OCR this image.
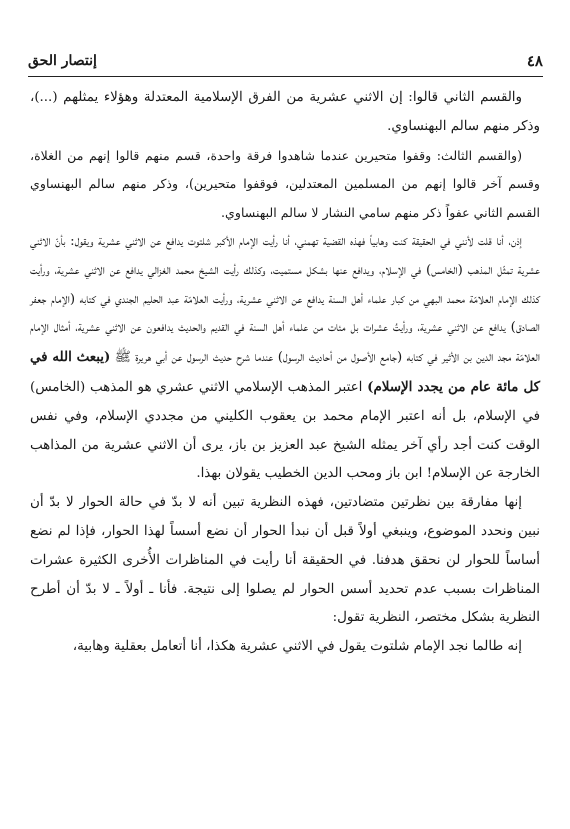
٤٨
إنتصار الحق

والقسم الثاني قالوا: إن الاثني عشرية من الفرق الإسلامية المعتدلة وهؤلاء يمثلهم (...)، وذكر منهم سالم البهنساوي.

(والقسم الثالث: وقفوا متحيرين عندما شاهدوا فرقة واحدة، قسم منهم قالوا إنهم من الغلاة، وقسم آخر قالوا إنهم من المسلمين المعتدلين، فوقفوا متحيرين)، وذكر منهم سالم البهنساوي القسم الثاني عفواً ذكر منهم سامي النشار لا سالم البهنساوي.

إذن، أنا قلت لأنني في الحقيقة كنت وهابياً فهذه القضية تهمني، أنا رأيت الإمام الأكبر شلتوت يدافع عن الاثني عشرية ويقول: بأنّ الاثني عشرية تمثّل المذهب (الخامس) في الإسلام، ويدافع عنها بشكل مستميت، وكذلك رأيت الشيخ محمد الغزالي يدافع عن الاثني عشرية، ورأيت كذلك الإمام العلامّة محمد البهي من كبار علماء أهل السنة يدافع عن الاثني عشرية، ورأيت العلامّة عبد الحليم الجندي في كتابه (الإمام جعفر الصادق) يدافع عن الاثني عشرية، ورأيتُ عشرات بل مئات من علماء أهل السنة في القديم والحديث يدافعون عن الاثني عشرية، أمثال الإمام العلامّة مجد الدين بن الأثير في كتابه (جامع الأصول من أحاديث الرسول) عندما شرح حديث الرسول عن أبي هريرة ﷺ (يبعث الله في كل مائة عام من يجدد الإسلام) اعتبر المذهب الإسلامي الاثني عشري هو المذهب (الخامس) في الإسلام، بل أنه اعتبر الإمام محمد بن يعقوب الكليني من مجددي الإسلام، وفي نفس الوقت كنت أجد رأي آخر يمثله الشيخ عبد العزيز بن باز، يرى أن الاثني عشرية من المذاهب الخارجة عن الإسلام! ابن باز ومحب الدين الخطيب يقولان بهذا.

إنها مفارقة بين نظرتين متضادتين، فهذه النظرية تبين أنه لا بدّ في حالة الحوار لا بدّ أن نبين ونحدد الموضوع، وينبغي أولاً قبل أن نبدأ الحوار أن نضع أسساً لهذا الحوار، فإذا لم نضع أساساً للحوار لن نحقق هدفنا. في الحقيقة أنا رأيت في المناظرات الأُخرى الكثيرة عشرات المناظرات بسبب عدم تحديد أسس الحوار لم يصلوا إلى نتيجة. فأنا ـ أولاً ـ لا بدّ أن أطرح النظرية بشكل مختصر، النظرية تقول:

إنه طالما نجد الإمام شلتوت يقول في الاثني عشرية هكذا، أنا أتعامل بعقلية وهابية،
